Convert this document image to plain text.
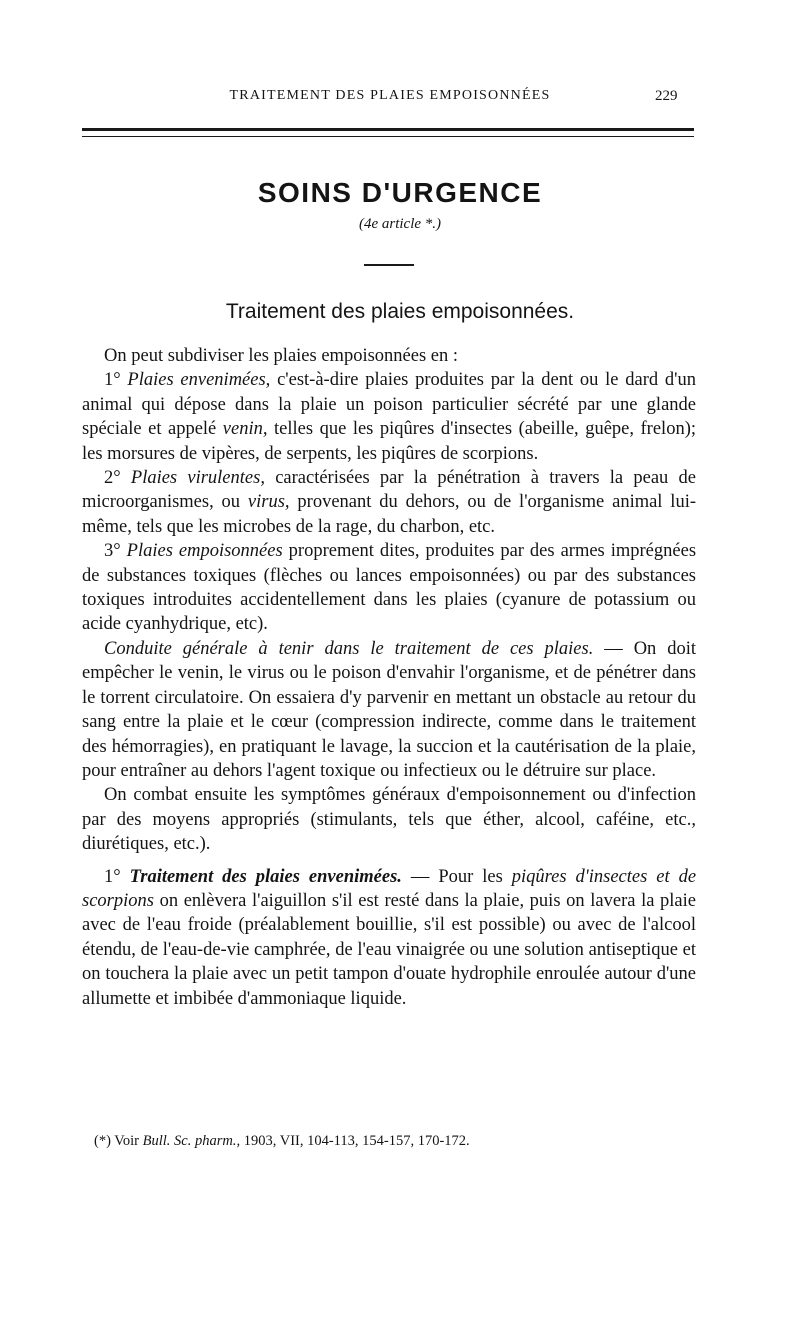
TRAITEMENT DES PLAIES EMPOISONNÉES	229
SOINS D'URGENCE
(4e article *.)
Traitement des plaies empoisonnées.

On peut subdiviser les plaies empoisonnées en :

1° Plaies envenimées, c'est-à-dire plaies produites par la dent ou le dard d'un animal qui dépose dans la plaie un poison particulier sécrété par une glande spéciale et appelé venin, telles que les piqûres d'insectes (abeille, guêpe, frelon); les morsures de vipères, de serpents, les piqûres de scorpions.

2° Plaies virulentes, caractérisées par la pénétration à travers la peau de microorganismes, ou virus, provenant du dehors, ou de l'organisme animal lui-même, tels que les microbes de la rage, du charbon, etc.

3° Plaies empoisonnées proprement dites, produites par des armes imprégnées de substances toxiques (flèches ou lances empoisonnées) ou par des substances toxiques introduites accidentellement dans les plaies (cyanure de potassium ou acide cyanhydrique, etc).

Conduite générale à tenir dans le traitement de ces plaies. — On doit empêcher le venin, le virus ou le poison d'envahir l'organisme, et de pénétrer dans le torrent circulatoire. On essaiera d'y parvenir en mettant un obstacle au retour du sang entre la plaie et le cœur (compression indirecte, comme dans le traitement des hémorragies), en pratiquant le lavage, la succion et la cautérisation de la plaie, pour entraîner au dehors l'agent toxique ou infectieux ou le détruire sur place.

On combat ensuite les symptômes généraux d'empoisonnement ou d'infection par des moyens appropriés (stimulants, tels que éther, alcool, caféine, etc., diurétiques, etc.).

1° Traitement des plaies envenimées. — Pour les piqûres d'insectes et de scorpions on enlèvera l'aiguillon s'il est resté dans la plaie, puis on lavera la plaie avec de l'eau froide (préalablement bouillie, s'il est possible) ou avec de l'alcool étendu, de l'eau-de-vie camphrée, de l'eau vinaigrée ou une solution antiseptique et on touchera la plaie avec un petit tampon d'ouate hydrophile enroulée autour d'une allumette et imbibée d'ammoniaque liquide.

(*) Voir Bull. Sc. pharm., 1903, VII, 104-113, 154-157, 170-172.
